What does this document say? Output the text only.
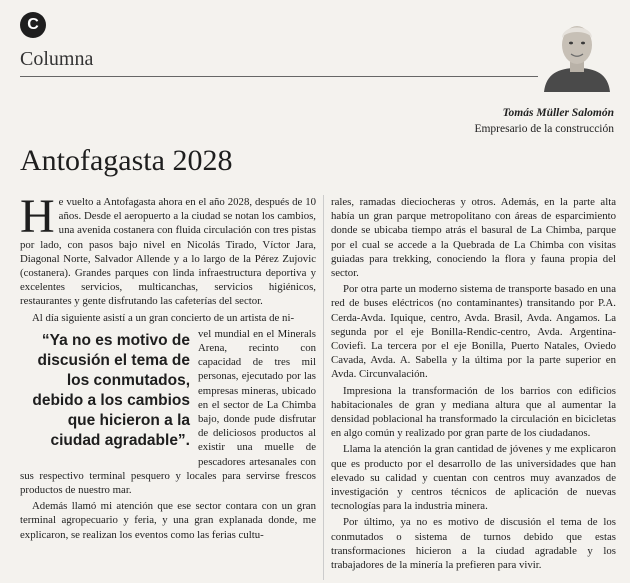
C
Columna
Tomás Müller Salomón
Empresario de la construcción
Antofagasta 2028

He vuelto a Antofagasta ahora en el año 2028, después de 10 años. Desde el aeropuerto a la ciudad se notan los cambios, una avenida costanera con fluida circulación con tres pistas por lado, con pasos bajo nivel en Nicolás Tirado, Víctor Jara, Diagonal Norte, Salvador Allende y a lo largo de la Pérez Zujovic (costanera). Grandes parques con linda infraestructura deportiva y excelentes servicios, multicanchas, servicios higiénicos, restaurantes y gente disfrutando las cafeterías del sector.

Al día siguiente asistí a un gran concierto de un artista de ni-

“Ya no es motivo de discusión el tema de los conmutados, debido a los cambios que hicieron a la ciudad agradable”.
vel mundial en el Minerals Arena, recinto con capacidad de tres mil personas, ejecutado por las empresas mineras, ubicado en el sector de La Chimba bajo, donde pude disfrutar de deliciosos productos al existir una muelle de pescadores artesanales con sus respectivo terminal pesquero y locales para servirse frescos productos de nuestro mar.

Además llamó mi atención que ese sector contara con un gran terminal agropecuario y feria, y una gran explanada donde, me explicaron, se realizan los eventos como las ferias cultu-

rales, ramadas dieciocheras y otros. Además, en la parte alta había un gran parque metropolitano con áreas de esparcimiento donde se ubicaba tiempo atrás el basural de La Chimba, parque por el cual se accede a la Quebrada de La Chimba con visitas guiadas para trekking, conociendo la flora y fauna propia del sector.

Por otra parte un moderno sistema de transporte basado en una red de buses eléctricos (no contaminantes) transitando por P.A. Cerda-Avda. Iquique, centro, Avda. Brasil, Avda. Angamos. La segunda por el eje Bonilla-Rendic-centro, Avda. Argentina-Coviefi. La tercera por el eje Bonilla, Puerto Natales, Oviedo Cavada, Avda. A. Sabella y la última por la parte superior en Avda. Circunvalación.

Impresiona la transformación de los barrios con edificios habitacionales de gran y mediana altura que al aumentar la densidad poblacional ha transformado la circulación en bicicletas en algo común y realizado por gran parte de los ciudadanos.

Llama la atención la gran cantidad de jóvenes y me explicaron que es producto por el desarrollo de las universidades que han elevado su calidad y cuentan con centros muy avanzados de investigación y centros técnicos de aplicación de nuevas tecnologías para la industria minera.

Por último, ya no es motivo de discusión el tema de los conmutados o sistema de turnos debido que estas transformaciones hicieron a la ciudad agradable y los trabajadores de la minería la prefieren para vivir.
